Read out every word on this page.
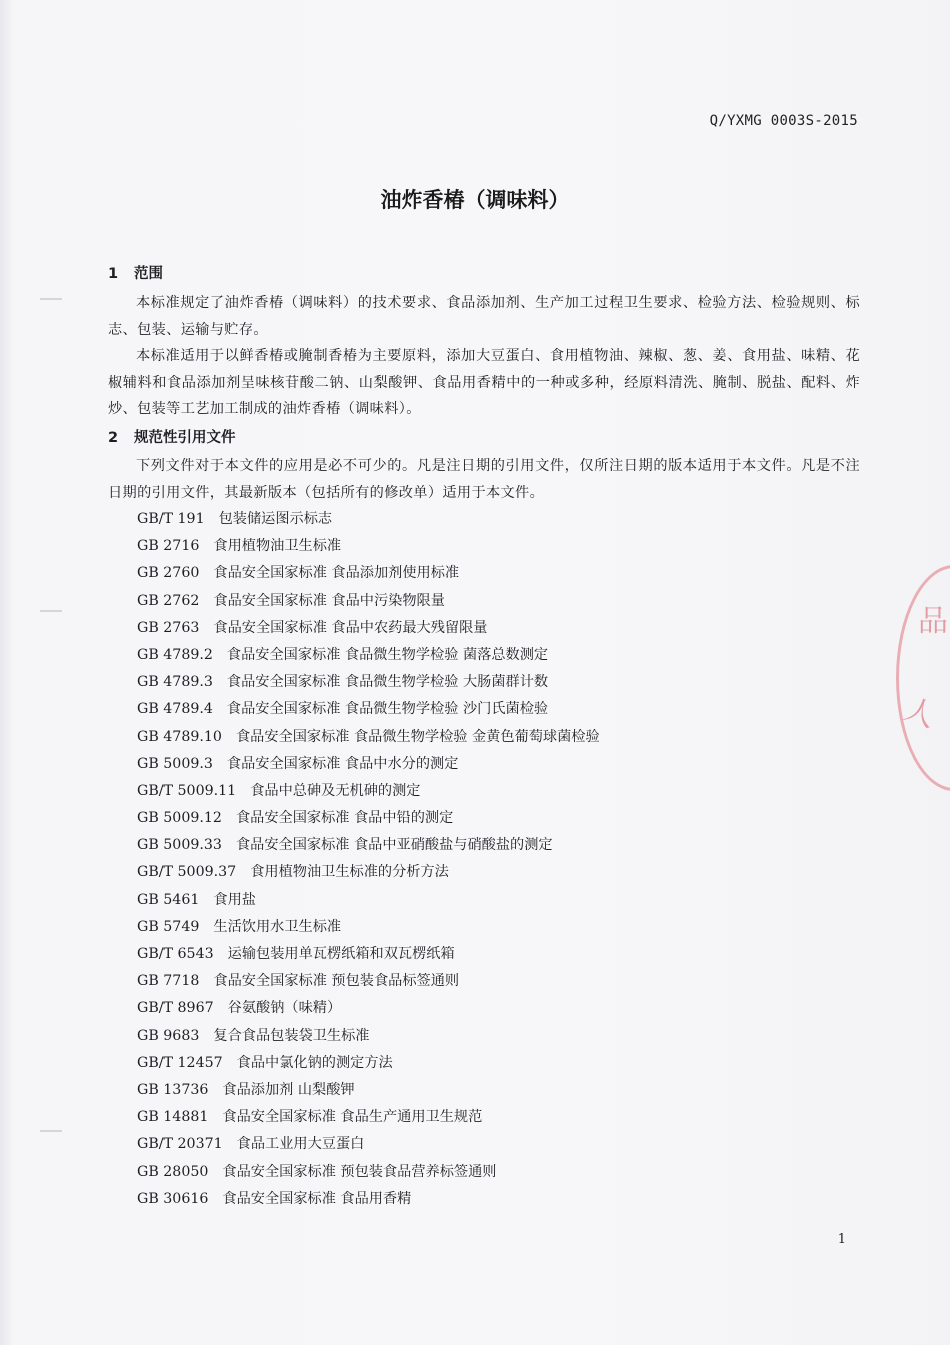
Q/YXMG 0003S-2015
油炸香椿（调味料）
1 范围

本标准规定了油炸香椿（调味料）的技术要求、食品添加剂、生产加工过程卫生要求、检验方法、检验规则、标志、包装、运输与贮存。

本标准适用于以鲜香椿或腌制香椿为主要原料，添加大豆蛋白、食用植物油、辣椒、葱、姜、食用盐、味精、花椒辅料和食品添加剂呈味核苷酸二钠、山梨酸钾、食品用香精中的一种或多种，经原料清洗、腌制、脱盐、配料、炸炒、包装等工艺加工制成的油炸香椿（调味料）。

2 规范性引用文件

下列文件对于本文件的应用是必不可少的。凡是注日期的引用文件，仅所注日期的版本适用于本文件。凡是不注日期的引用文件，其最新版本（包括所有的修改单）适用于本文件。

GB/T 191 包装储运图示标志
GB 2716 食用植物油卫生标准
GB 2760 食品安全国家标准 食品添加剂使用标准
GB 2762 食品安全国家标准 食品中污染物限量
GB 2763 食品安全国家标准 食品中农药最大残留限量
GB 4789.2 食品安全国家标准 食品微生物学检验 菌落总数测定
GB 4789.3 食品安全国家标准 食品微生物学检验 大肠菌群计数
GB 4789.4 食品安全国家标准 食品微生物学检验 沙门氏菌检验
GB 4789.10 食品安全国家标准 食品微生物学检验 金黄色葡萄球菌检验
GB 5009.3 食品安全国家标准 食品中水分的测定
GB/T 5009.11 食品中总砷及无机砷的测定
GB 5009.12 食品安全国家标准 食品中铅的测定
GB 5009.33 食品安全国家标准 食品中亚硝酸盐与硝酸盐的测定
GB/T 5009.37 食用植物油卫生标准的分析方法
GB 5461 食用盐
GB 5749 生活饮用水卫生标准
GB/T 6543 运输包装用单瓦楞纸箱和双瓦楞纸箱
GB 7718 食品安全国家标准 预包装食品标签通则
GB/T 8967 谷氨酸钠（味精）
GB 9683 复合食品包装袋卫生标准
GB/T 12457 食品中氯化钠的测定方法
GB 13736 食品添加剂 山梨酸钾
GB 14881 食品安全国家标准 食品生产通用卫生规范
GB/T 20371 食品工业用大豆蛋白
GB 28050 食品安全国家标准 预包装食品营养标签通则
GB 30616 食品安全国家标准 食品用香精
1
品
人
